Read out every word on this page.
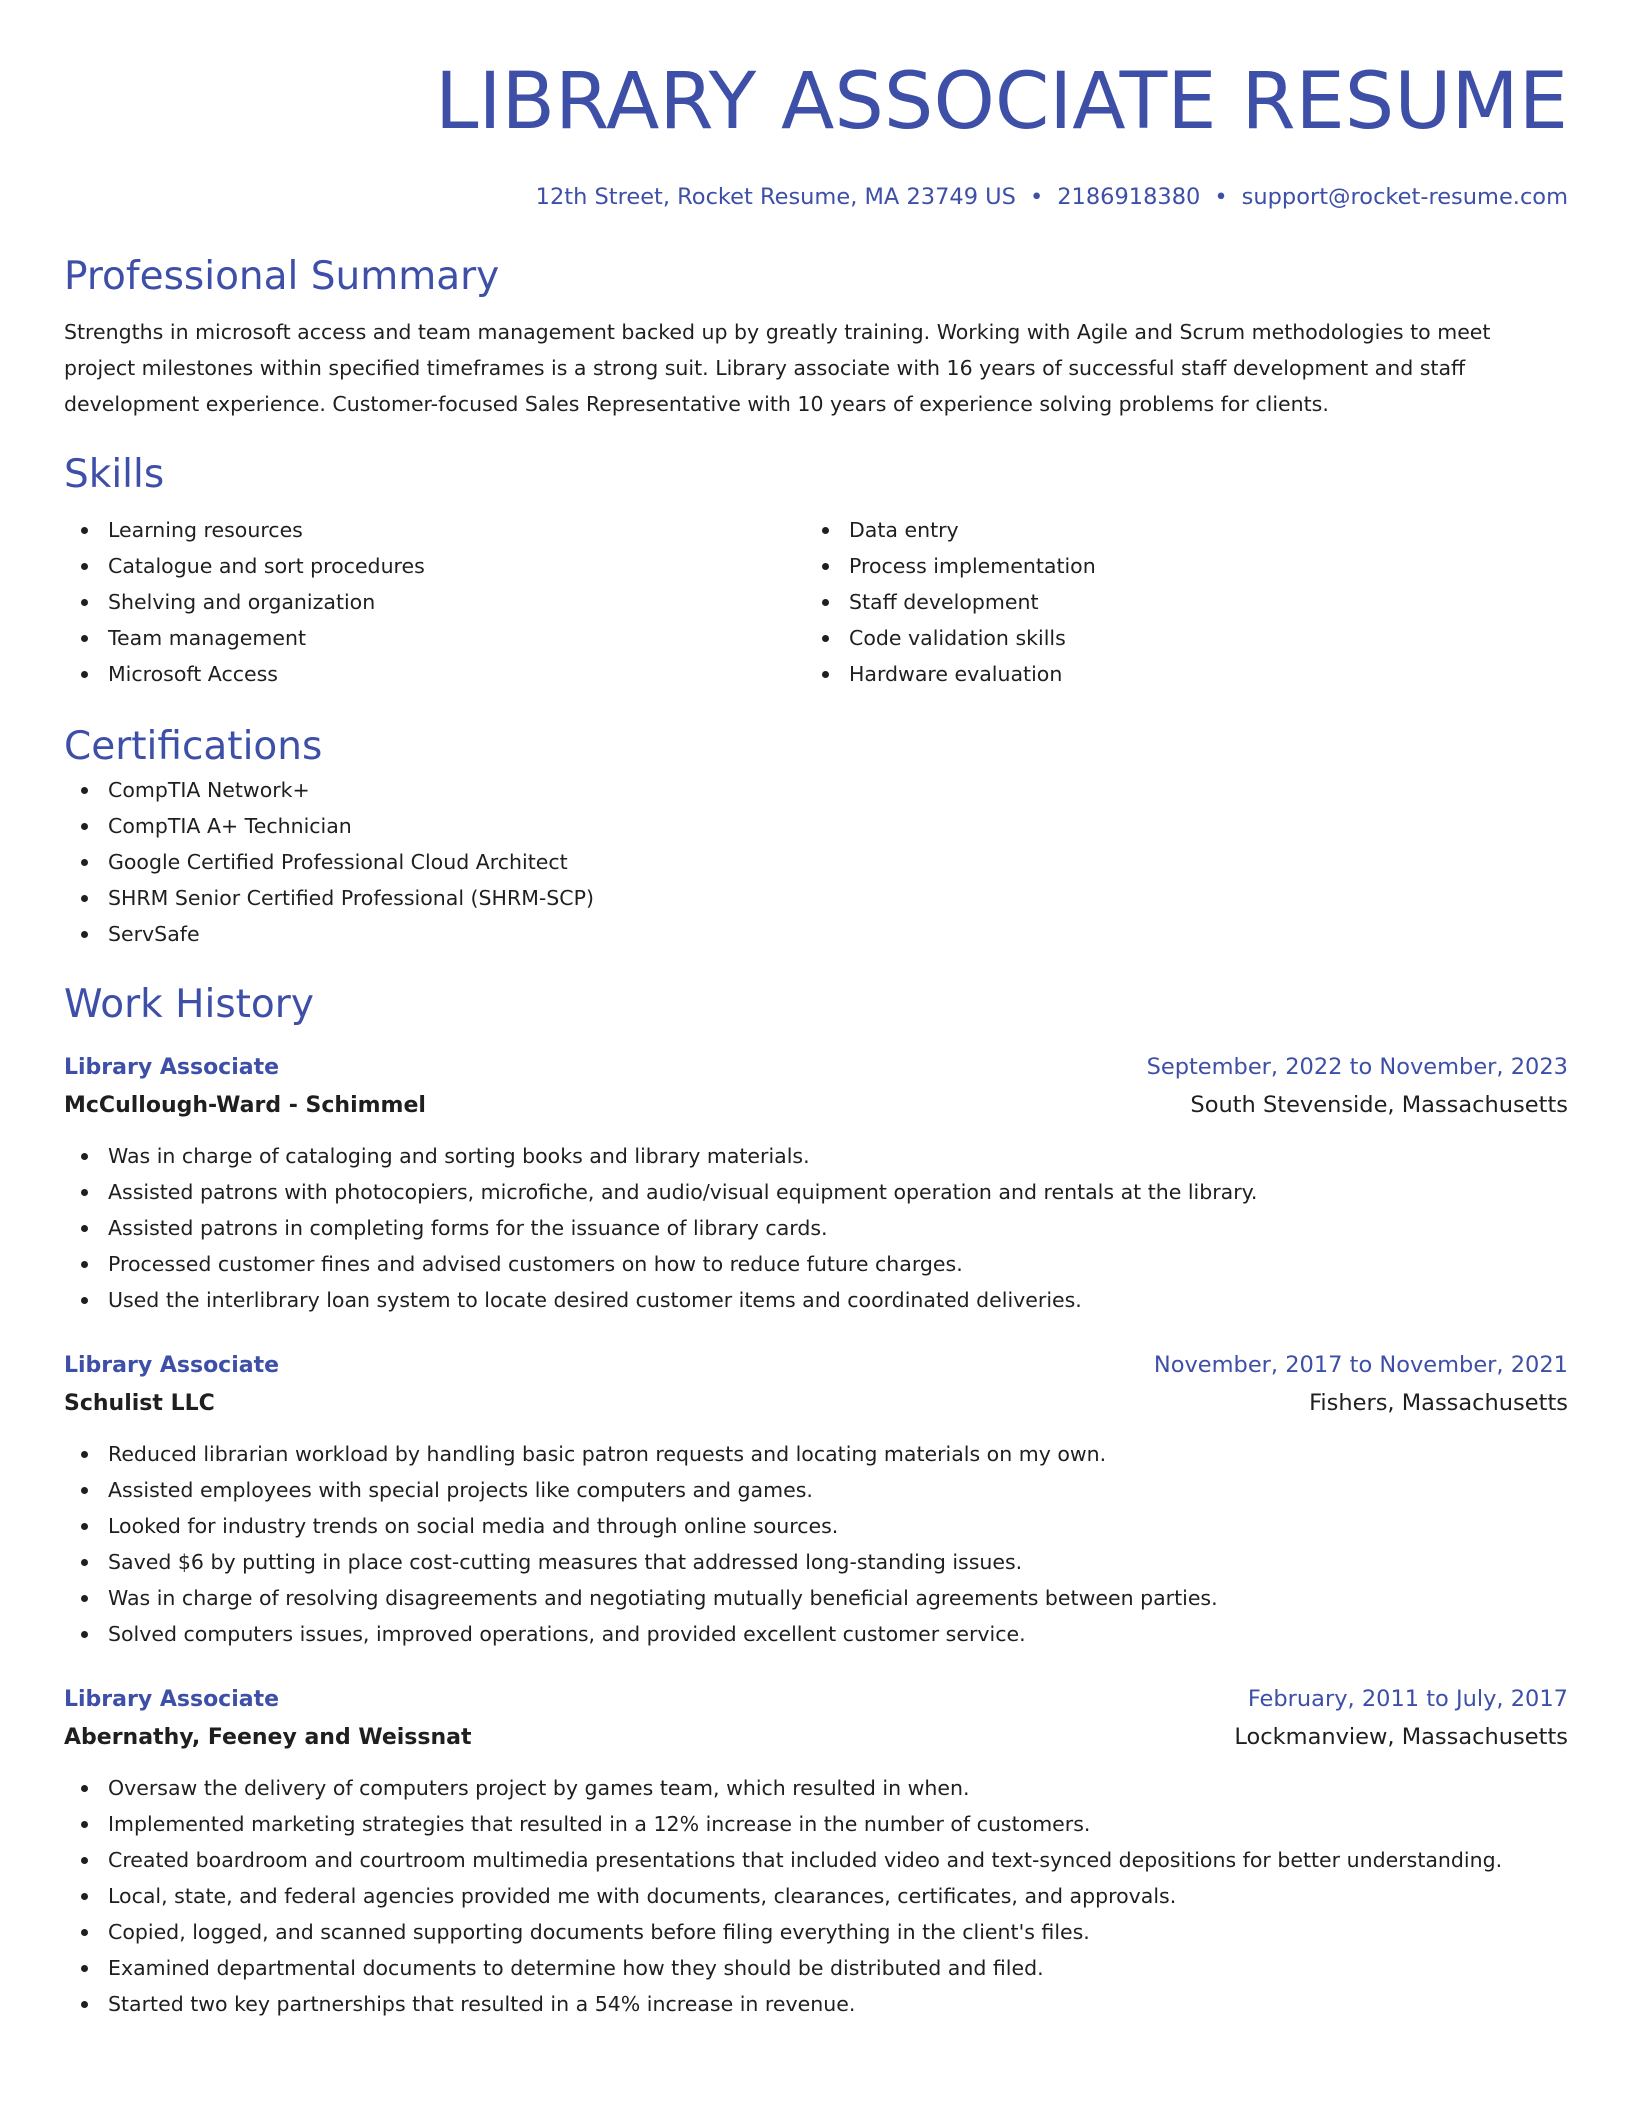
LIBRARY ASSOCIATE RESUME
12th Street, Rocket Resume, MA 23749 US • 2186918380 • support@rocket-resume.com
Professional Summary

Strengths in microsoft access and team management backed up by greatly training. Working with Agile and Scrum methodologies to meet project milestones within specified timeframes is a strong suit. Library associate with 16 years of successful staff development and staff development experience. Customer-focused Sales Representative with 10 years of experience solving problems for clients.

Skills
Learning resources
Catalogue and sort procedures
Shelving and organization
Team management
Microsoft Access
Data entry
Process implementation
Staff development
Code validation skills
Hardware evaluation
Certifications
CompTIA Network+
CompTIA A+ Technician
Google Certified Professional Cloud Architect
SHRM Senior Certified Professional (SHRM-SCP)
ServSafe
Work History
Library Associate	September, 2022 to November, 2023
McCullough-Ward - Schimmel	South Stevenside, Massachusetts
Was in charge of cataloging and sorting books and library materials.
Assisted patrons with photocopiers, microfiche, and audio/visual equipment operation and rentals at the library.
Assisted patrons in completing forms for the issuance of library cards.
Processed customer fines and advised customers on how to reduce future charges.
Used the interlibrary loan system to locate desired customer items and coordinated deliveries.
Library Associate	November, 2017 to November, 2021
Schulist LLC	Fishers, Massachusetts
Reduced librarian workload by handling basic patron requests and locating materials on my own.
Assisted employees with special projects like computers and games.
Looked for industry trends on social media and through online sources.
Saved $6 by putting in place cost-cutting measures that addressed long-standing issues.
Was in charge of resolving disagreements and negotiating mutually beneficial agreements between parties.
Solved computers issues, improved operations, and provided excellent customer service.
Library Associate	February, 2011 to July, 2017
Abernathy, Feeney and Weissnat	Lockmanview, Massachusetts
Oversaw the delivery of computers project by games team, which resulted in when.
Implemented marketing strategies that resulted in a 12% increase in the number of customers.
Created boardroom and courtroom multimedia presentations that included video and text-synced depositions for better understanding.
Local, state, and federal agencies provided me with documents, clearances, certificates, and approvals.
Copied, logged, and scanned supporting documents before filing everything in the client's files.
Examined departmental documents to determine how they should be distributed and filed.
Started two key partnerships that resulted in a 54% increase in revenue.
